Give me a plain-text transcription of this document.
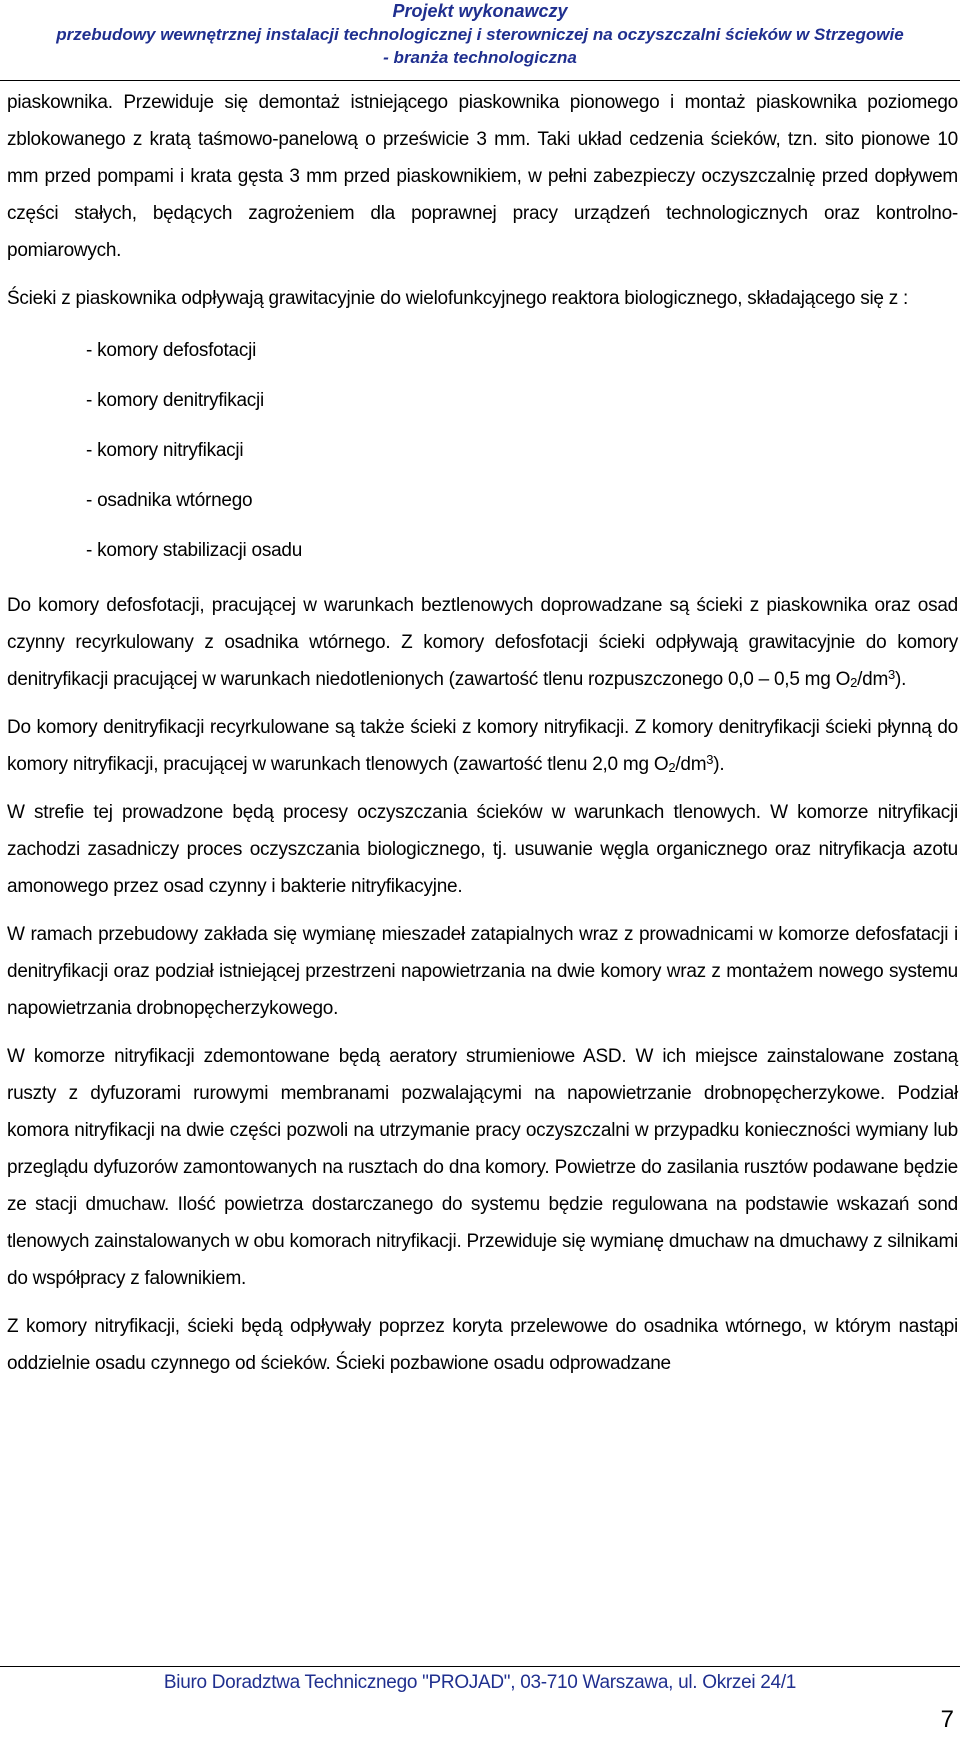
Projekt wykonawczy
przebudowy wewnętrznej instalacji technologicznej i sterowniczej na oczyszczalni ścieków w Strzegowie
- branża technologiczna

piaskownika. Przewiduje się demontaż istniejącego piaskownika pionowego i montaż piaskownika poziomego zblokowanego z kratą taśmowo-panelową o prześwicie 3 mm. Taki układ cedzenia ścieków, tzn. sito pionowe 10 mm przed pompami i krata gęsta 3 mm przed piaskownikiem, w pełni zabezpieczy oczyszczalnię przed dopływem części stałych, będących zagrożeniem dla poprawnej pracy urządzeń technologicznych oraz kontrolno-pomiarowych.

Ścieki z piaskownika odpływają grawitacyjnie do wielofunkcyjnego reaktora biologicznego, składającego się z :

- komory defosfotacji
- komory denitryfikacji
- komory nitryfikacji
- osadnika wtórnego
- komory stabilizacji osadu

Do komory defosfotacji, pracującej w warunkach beztlenowych doprowadzane są ścieki z piaskownika oraz osad czynny recyrkulowany z osadnika wtórnego. Z komory defosfotacji ścieki odpływają grawitacyjnie do komory denitryfikacji pracującej w warunkach niedotlenionych (zawartość tlenu rozpuszczonego 0,0 – 0,5 mg $O_2/dm^3$).

Do komory denitryfikacji recyrkulowane są także ścieki z komory nitryfikacji. Z komory denitryfikacji ścieki płynną do komory nitryfikacji, pracującej w warunkach tlenowych (zawartość tlenu 2,0 mg $O_2/dm^3$).

W strefie tej prowadzone będą procesy oczyszczania ścieków w warunkach tlenowych. W komorze nitryfikacji zachodzi zasadniczy proces oczyszczania biologicznego, tj. usuwanie węgla organicznego oraz nitryfikacja azotu amonowego przez osad czynny i bakterie nitryfikacyjne.

W ramach przebudowy zakłada się wymianę mieszadeł zatapialnych wraz z prowadnicami w komorze defosfatacji i denitryfikacji oraz podział istniejącej przestrzeni napowietrzania na dwie komory wraz z montażem nowego systemu napowietrzania drobnopęcherzykowego.

W komorze nitryfikacji zdemontowane będą aeratory strumieniowe ASD. W ich miejsce zainstalowane zostaną ruszty z dyfuzorami rurowymi membranami pozwalającymi na napowietrzanie drobnopęcherzykowe. Podział komora nitryfikacji na dwie części pozwoli na utrzymanie pracy oczyszczalni w przypadku konieczności wymiany lub przeglądu dyfuzorów zamontowanych na rusztach do dna komory. Powietrze do zasilania rusztów podawane będzie ze stacji dmuchaw. Ilość powietrza dostarczanego do systemu będzie regulowana na podstawie wskazań sond tlenowych zainstalowanych w obu komorach nitryfikacji. Przewiduje się wymianę dmuchaw na dmuchawy z silnikami do współpracy z falownikiem.

Z komory nitryfikacji, ścieki będą odpływały poprzez koryta przelewowe do osadnika wtórnego, w którym nastąpi oddzielnie osadu czynnego od ścieków. Ścieki pozbawione osadu odprowadzane

Biuro Doradztwa Technicznego "PROJAD", 03-710 Warszawa, ul. Okrzei 24/1
7
